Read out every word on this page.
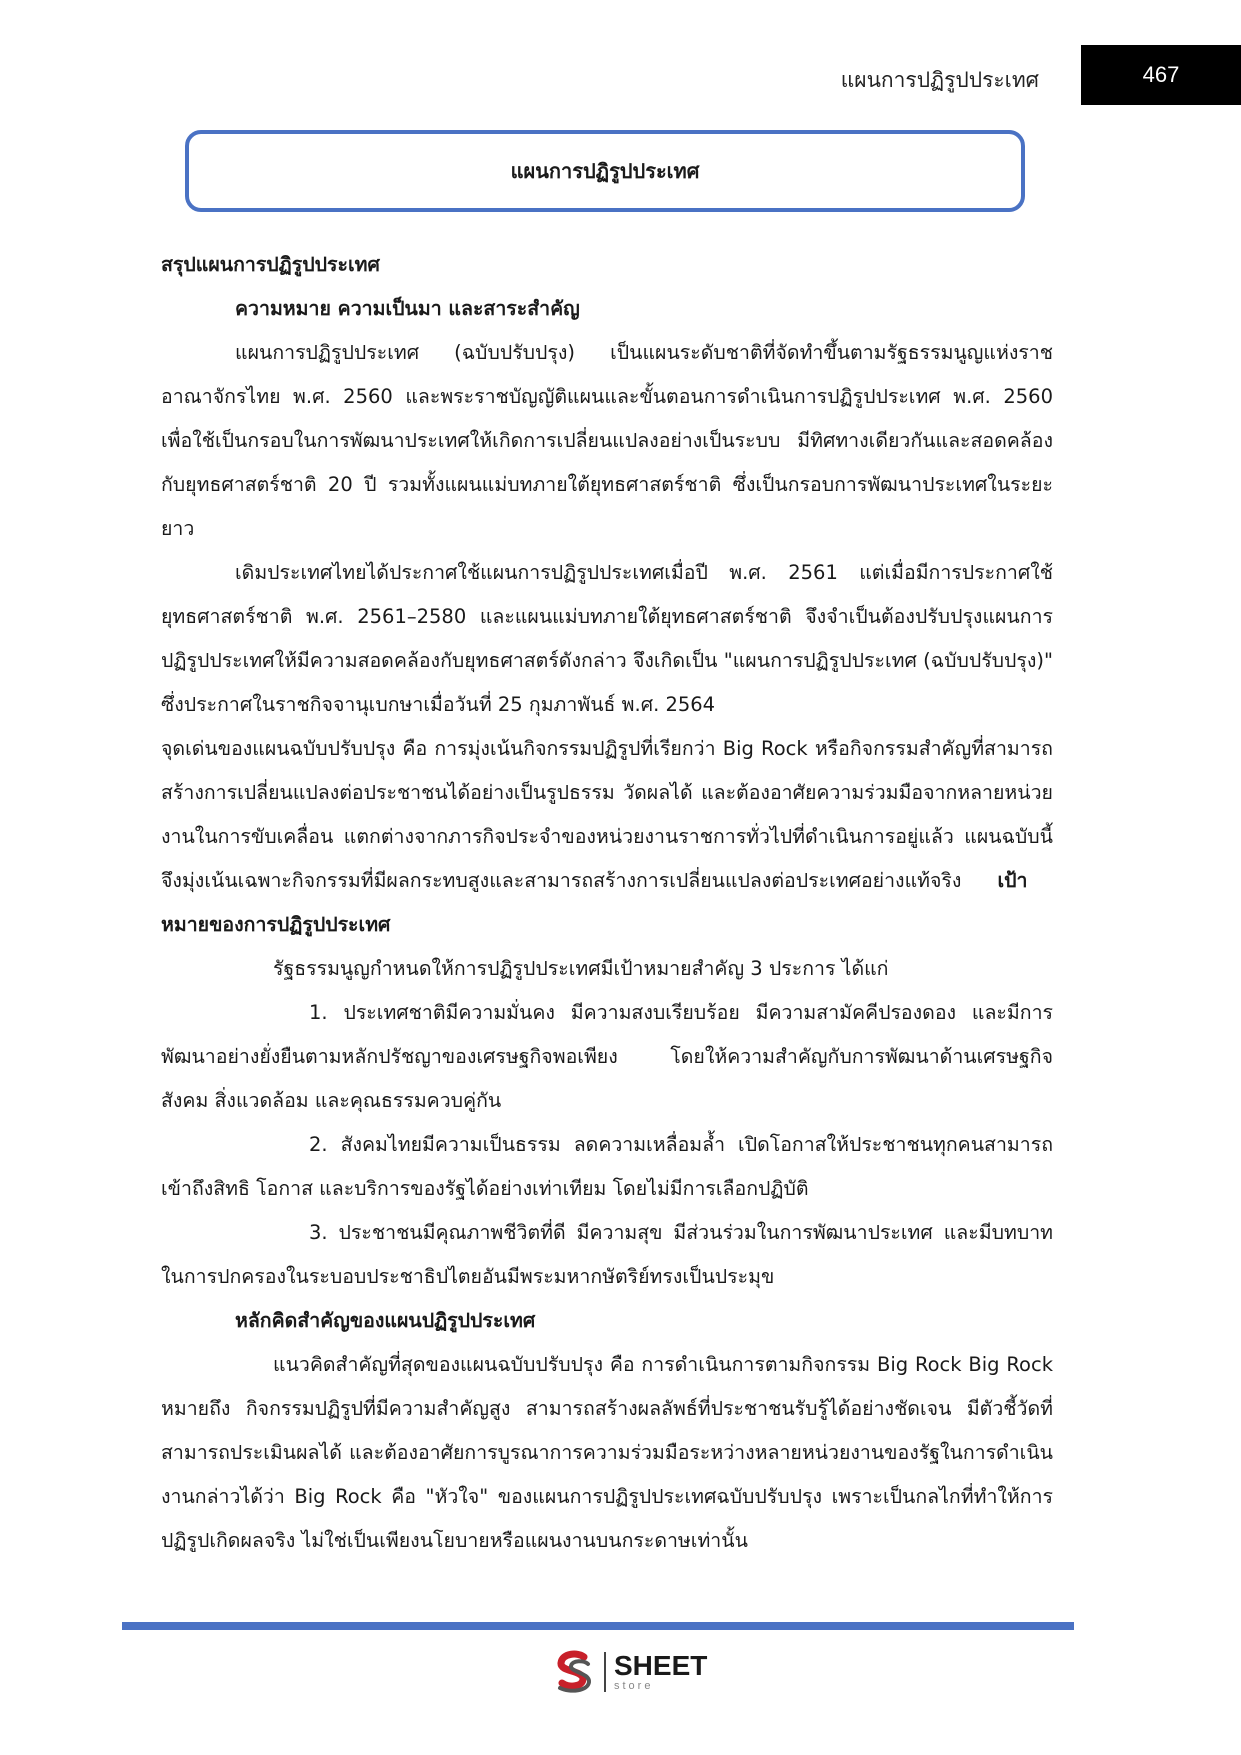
แผนการปฏิรูปประเทศ	467
แผนการปฏิรูปประเทศ

สรุปแผนการปฏิรูปประเทศ

ความหมาย ความเป็นมา และสาระสำคัญ

แผนการปฏิรูปประเทศ (ฉบับปรับปรุง) เป็นแผนระดับชาติที่จัดทำขึ้นตามรัฐธรรมนูญแห่งราชอาณาจักรไทย พ.ศ. 2560 และพระราชบัญญัติแผนและขั้นตอนการดำเนินการปฏิรูปประเทศ พ.ศ. 2560 เพื่อใช้เป็นกรอบในการพัฒนาประเทศให้เกิดการเปลี่ยนแปลงอย่างเป็นระบบ มีทิศทางเดียวกันและสอดคล้องกับยุทธศาสตร์ชาติ 20 ปี รวมทั้งแผนแม่บทภายใต้ยุทธศาสตร์ชาติ ซึ่งเป็นกรอบการพัฒนาประเทศในระยะยาว

เดิมประเทศไทยได้ประกาศใช้แผนการปฏิรูปประเทศเมื่อปี พ.ศ. 2561 แต่เมื่อมีการประกาศใช้ยุทธศาสตร์ชาติ พ.ศ. 2561–2580 และแผนแม่บทภายใต้ยุทธศาสตร์ชาติ จึงจำเป็นต้องปรับปรุงแผนการปฏิรูปประเทศให้มีความสอดคล้องกับยุทธศาสตร์ดังกล่าว จึงเกิดเป็น "แผนการปฏิรูปประเทศ (ฉบับปรับปรุง)" ซึ่งประกาศในราชกิจจานุเบกษาเมื่อวันที่ 25 กุมภาพันธ์ พ.ศ. 2564

จุดเด่นของแผนฉบับปรับปรุง คือ การมุ่งเน้นกิจกรรมปฏิรูปที่เรียกว่า Big Rock หรือกิจกรรมสำคัญที่สามารถสร้างการเปลี่ยนแปลงต่อประชาชนได้อย่างเป็นรูปธรรม วัดผลได้ และต้องอาศัยความร่วมมือจากหลายหน่วยงานในการขับเคลื่อน แตกต่างจากภารกิจประจำของหน่วยงานราชการทั่วไปที่ดำเนินการอยู่แล้ว แผนฉบับนี้จึงมุ่งเน้นเฉพาะกิจกรรมที่มีผลกระทบสูงและสามารถสร้างการเปลี่ยนแปลงต่อประเทศอย่างแท้จริง เป้าหมายของการปฏิรูปประเทศ

รัฐธรรมนูญกำหนดให้การปฏิรูปประเทศมีเป้าหมายสำคัญ 3 ประการ ได้แก่

1. ประเทศชาติมีความมั่นคง มีความสงบเรียบร้อย มีความสามัคคีปรองดอง และมีการพัฒนาอย่างยั่งยืนตามหลักปรัชญาของเศรษฐกิจพอเพียง โดยให้ความสำคัญกับการพัฒนาด้านเศรษฐกิจ สังคม สิ่งแวดล้อม และคุณธรรมควบคู่กัน

2. สังคมไทยมีความเป็นธรรม ลดความเหลื่อมล้ำ เปิดโอกาสให้ประชาชนทุกคนสามารถเข้าถึงสิทธิ โอกาส และบริการของรัฐได้อย่างเท่าเทียม โดยไม่มีการเลือกปฏิบัติ

3. ประชาชนมีคุณภาพชีวิตที่ดี มีความสุข มีส่วนร่วมในการพัฒนาประเทศ และมีบทบาทในการปกครองในระบอบประชาธิปไตยอันมีพระมหากษัตริย์ทรงเป็นประมุข

หลักคิดสำคัญของแผนปฏิรูปประเทศ

แนวคิดสำคัญที่สุดของแผนฉบับปรับปรุง คือ การดำเนินการตามกิจกรรม Big Rock Big Rock หมายถึง กิจกรรมปฏิรูปที่มีความสำคัญสูง สามารถสร้างผลลัพธ์ที่ประชาชนรับรู้ได้อย่างชัดเจน มีตัวชี้วัดที่สามารถประเมินผลได้ และต้องอาศัยการบูรณาการความร่วมมือระหว่างหลายหน่วยงานของรัฐในการดำเนินงานกล่าวได้ว่า Big Rock คือ "หัวใจ" ของแผนการปฏิรูปประเทศฉบับปรับปรุง เพราะเป็นกลไกที่ทำให้การปฏิรูปเกิดผลจริง ไม่ใช่เป็นเพียงนโยบายหรือแผนงานบนกระดาษเท่านั้น

SHEET
store
